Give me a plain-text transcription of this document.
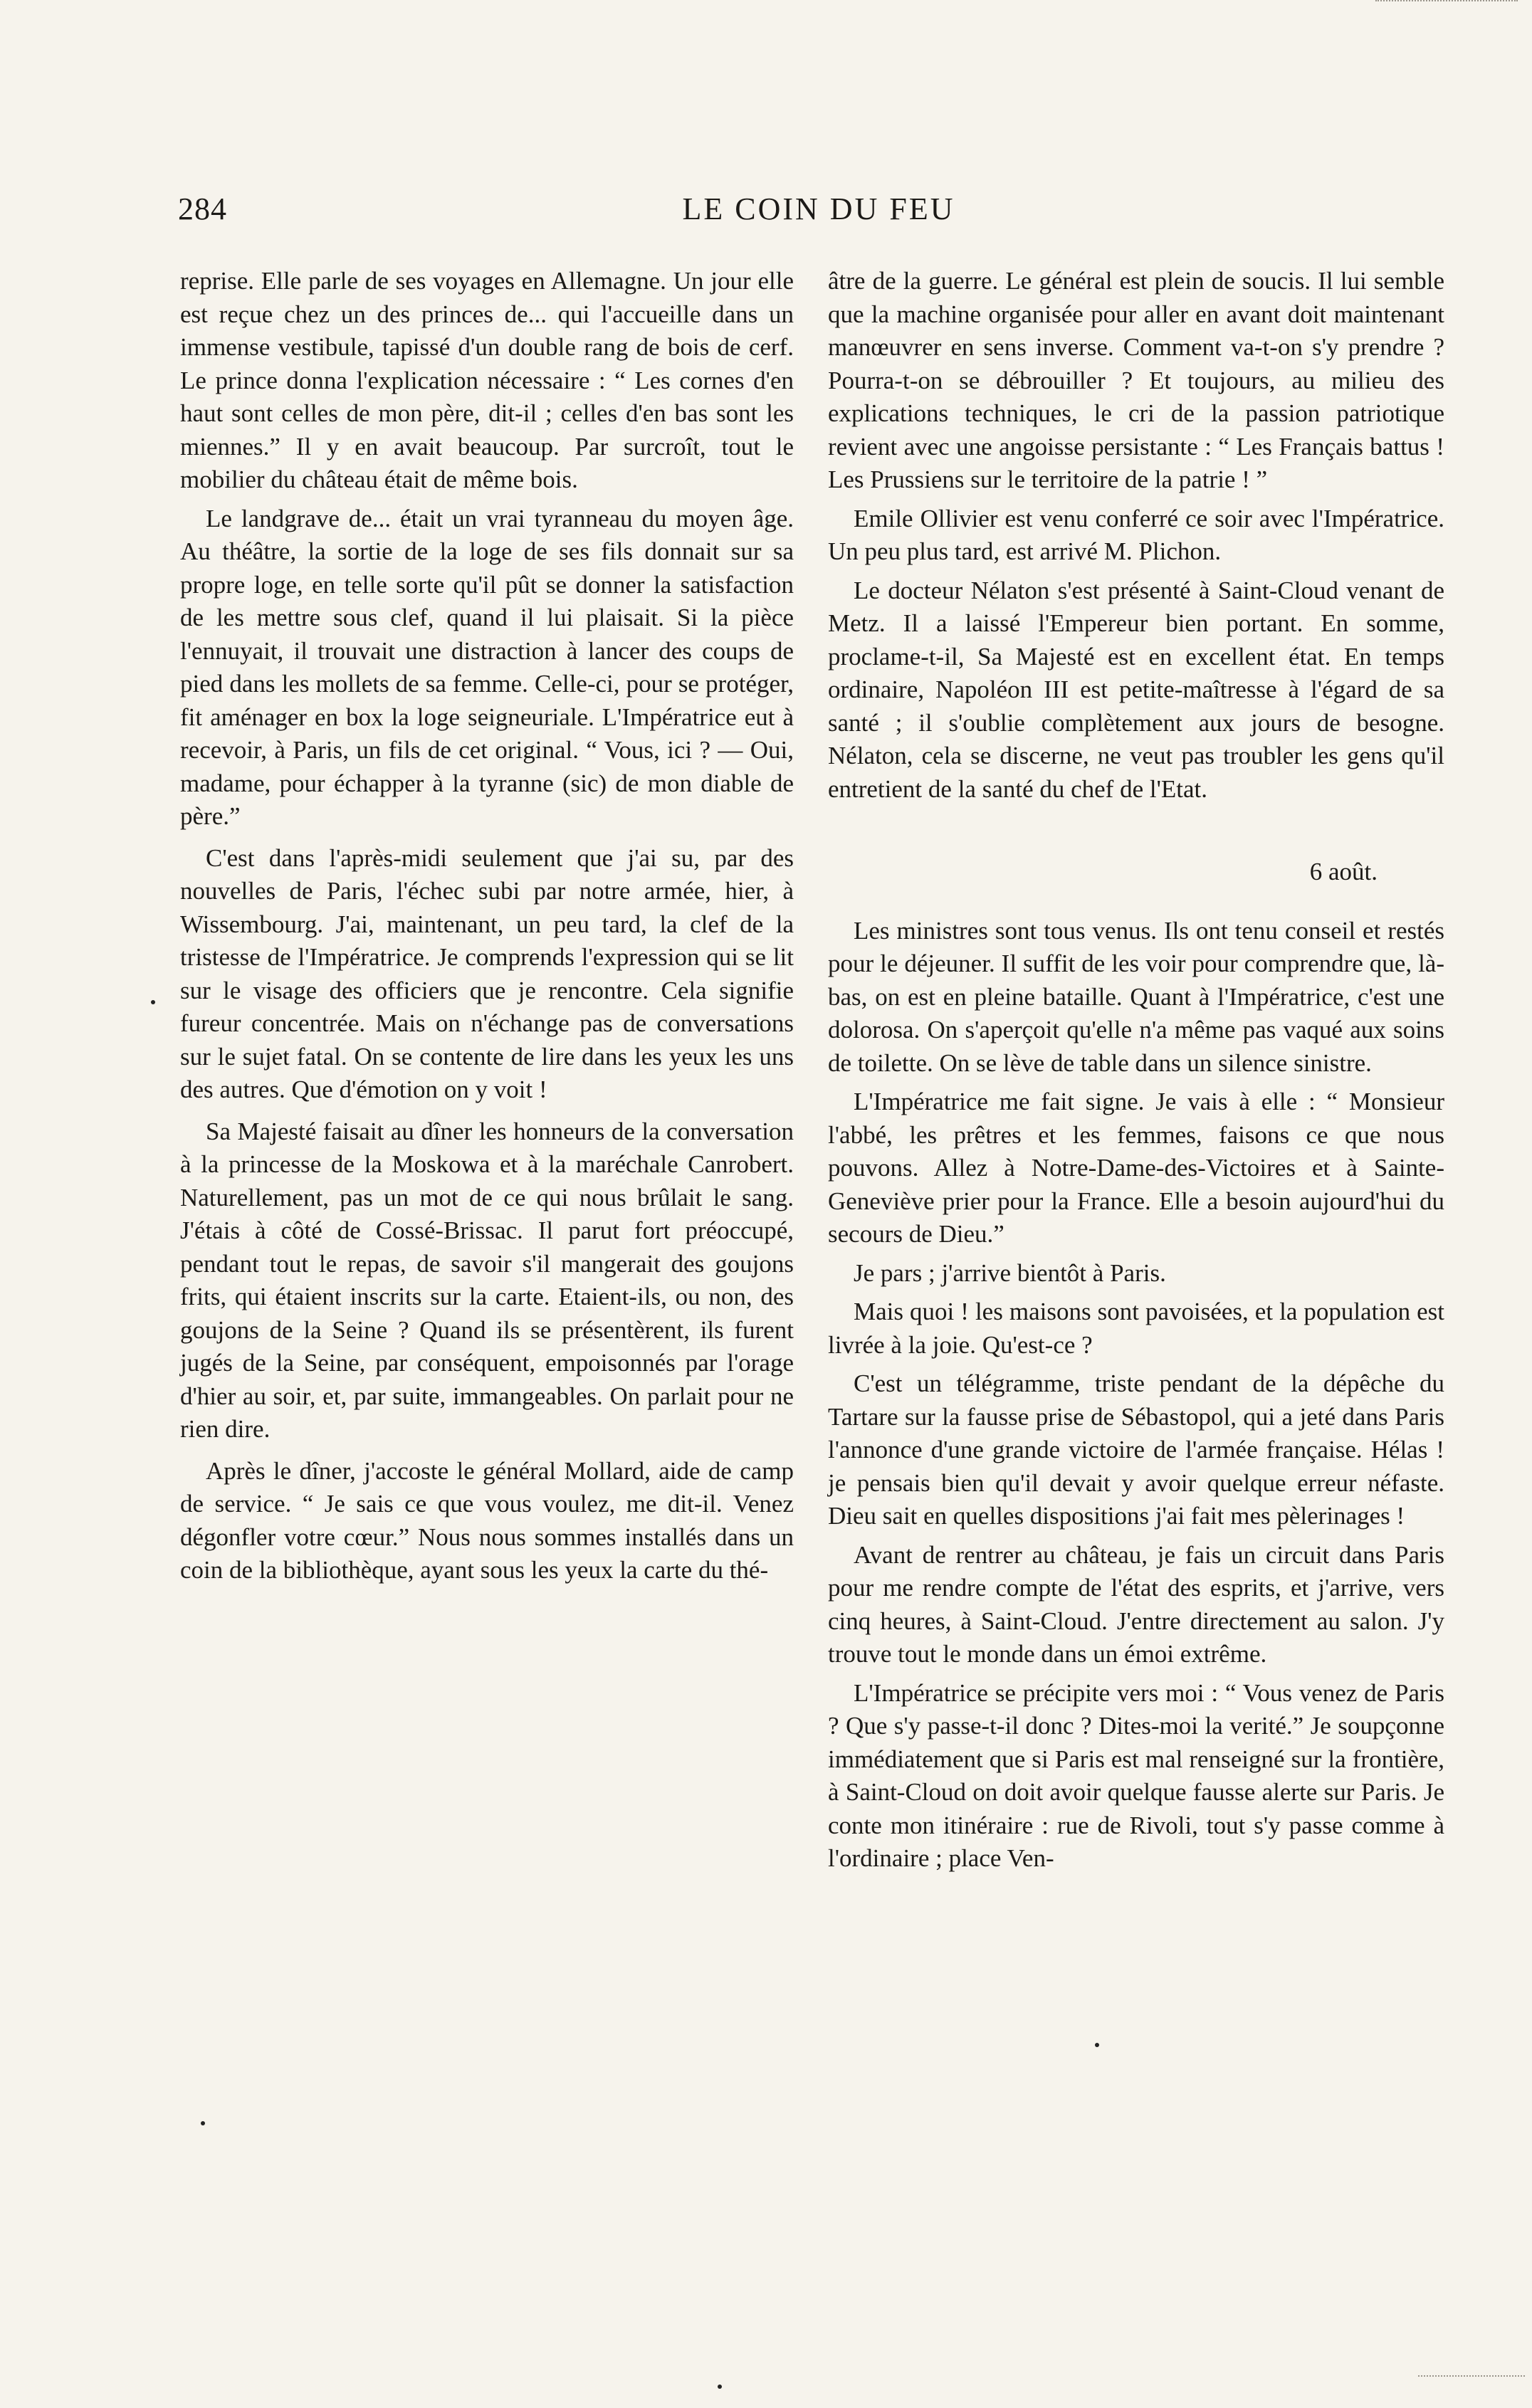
284	LE COIN DU FEU

reprise. Elle parle de ses voyages en Allemagne. Un jour elle est reçue chez un des princes de... qui l'accueille dans un immense vestibule, tapissé d'un double rang de bois de cerf. Le prince donna l'explication nécessaire : “ Les cornes d'en haut sont celles de mon père, dit-il ; celles d'en bas sont les miennes.” Il y en avait beaucoup. Par surcroît, tout le mobilier du château était de même bois.

Le landgrave de... était un vrai tyranneau du moyen âge. Au théâtre, la sortie de la loge de ses fils donnait sur sa propre loge, en telle sorte qu'il pût se donner la satisfaction de les mettre sous clef, quand il lui plaisait. Si la pièce l'ennuyait, il trouvait une distraction à lancer des coups de pied dans les mollets de sa femme. Celle-ci, pour se protéger, fit aménager en box la loge seigneuriale. L'Impératrice eut à recevoir, à Paris, un fils de cet original. “ Vous, ici ? — Oui, madame, pour échapper à la tyranne (sic) de mon diable de père.”

C'est dans l'après-midi seulement que j'ai su, par des nouvelles de Paris, l'échec subi par notre armée, hier, à Wissembourg. J'ai, maintenant, un peu tard, la clef de la tristesse de l'Impératrice. Je comprends l'expression qui se lit sur le visage des officiers que je rencontre. Cela signifie fureur concentrée. Mais on n'échange pas de conversations sur le sujet fatal. On se contente de lire dans les yeux les uns des autres. Que d'émotion on y voit !

Sa Majesté faisait au dîner les honneurs de la conversation à la princesse de la Moskowa et à la maréchale Canrobert. Naturellement, pas un mot de ce qui nous brûlait le sang. J'étais à côté de Cossé-Brissac. Il parut fort préoccupé, pendant tout le repas, de savoir s'il mangerait des goujons frits, qui étaient inscrits sur la carte. Etaient-ils, ou non, des goujons de la Seine ? Quand ils se présentèrent, ils furent jugés de la Seine, par conséquent, empoisonnés par l'orage d'hier au soir, et, par suite, immangeables. On parlait pour ne rien dire.

Après le dîner, j'accoste le général Mollard, aide de camp de service. “ Je sais ce que vous voulez, me dit-il. Venez dégonfler votre cœur.” Nous nous sommes installés dans un coin de la bibliothèque, ayant sous les yeux la carte du thé-

âtre de la guerre. Le général est plein de soucis. Il lui semble que la machine organisée pour aller en avant doit maintenant manœuvrer en sens inverse. Comment va-t-on s'y prendre ? Pourra-t-on se débrouiller ? Et toujours, au milieu des explications techniques, le cri de la passion patriotique revient avec une angoisse persistante : “ Les Français battus ! Les Prussiens sur le territoire de la patrie ! ”

Emile Ollivier est venu conferré ce soir avec l'Impératrice. Un peu plus tard, est arrivé M. Plichon.

Le docteur Nélaton s'est présenté à Saint-Cloud venant de Metz. Il a laissé l'Empereur bien portant. En somme, proclame-t-il, Sa Majesté est en excellent état. En temps ordinaire, Napoléon III est petite-maîtresse à l'égard de sa santé ; il s'oublie complètement aux jours de besogne. Nélaton, cela se discerne, ne veut pas troubler les gens qu'il entretient de la santé du chef de l'Etat.

6 août.

Les ministres sont tous venus. Ils ont tenu conseil et restés pour le déjeuner. Il suffit de les voir pour comprendre que, là-bas, on est en pleine bataille. Quant à l'Impératrice, c'est une dolorosa. On s'aperçoit qu'elle n'a même pas vaqué aux soins de toilette. On se lève de table dans un silence sinistre.

L'Impératrice me fait signe. Je vais à elle : “ Monsieur l'abbé, les prêtres et les femmes, faisons ce que nous pouvons. Allez à Notre-Dame-des-Victoires et à Sainte-Geneviève prier pour la France. Elle a besoin aujourd'hui du secours de Dieu.”

Je pars ; j'arrive bientôt à Paris.

Mais quoi ! les maisons sont pavoisées, et la population est livrée à la joie. Qu'est-ce ?

C'est un télégramme, triste pendant de la dépêche du Tartare sur la fausse prise de Sébastopol, qui a jeté dans Paris l'annonce d'une grande victoire de l'armée française. Hélas ! je pensais bien qu'il devait y avoir quelque erreur néfaste. Dieu sait en quelles dispositions j'ai fait mes pèlerinages !

Avant de rentrer au château, je fais un circuit dans Paris pour me rendre compte de l'état des esprits, et j'arrive, vers cinq heures, à Saint-Cloud. J'entre directement au salon. J'y trouve tout le monde dans un émoi extrême.

L'Impératrice se précipite vers moi : “ Vous venez de Paris ? Que s'y passe-t-il donc ? Dites-moi la verité.” Je soupçonne immédiatement que si Paris est mal renseigné sur la frontière, à Saint-Cloud on doit avoir quelque fausse alerte sur Paris. Je conte mon itinéraire : rue de Rivoli, tout s'y passe comme à l'ordinaire ; place Ven-
